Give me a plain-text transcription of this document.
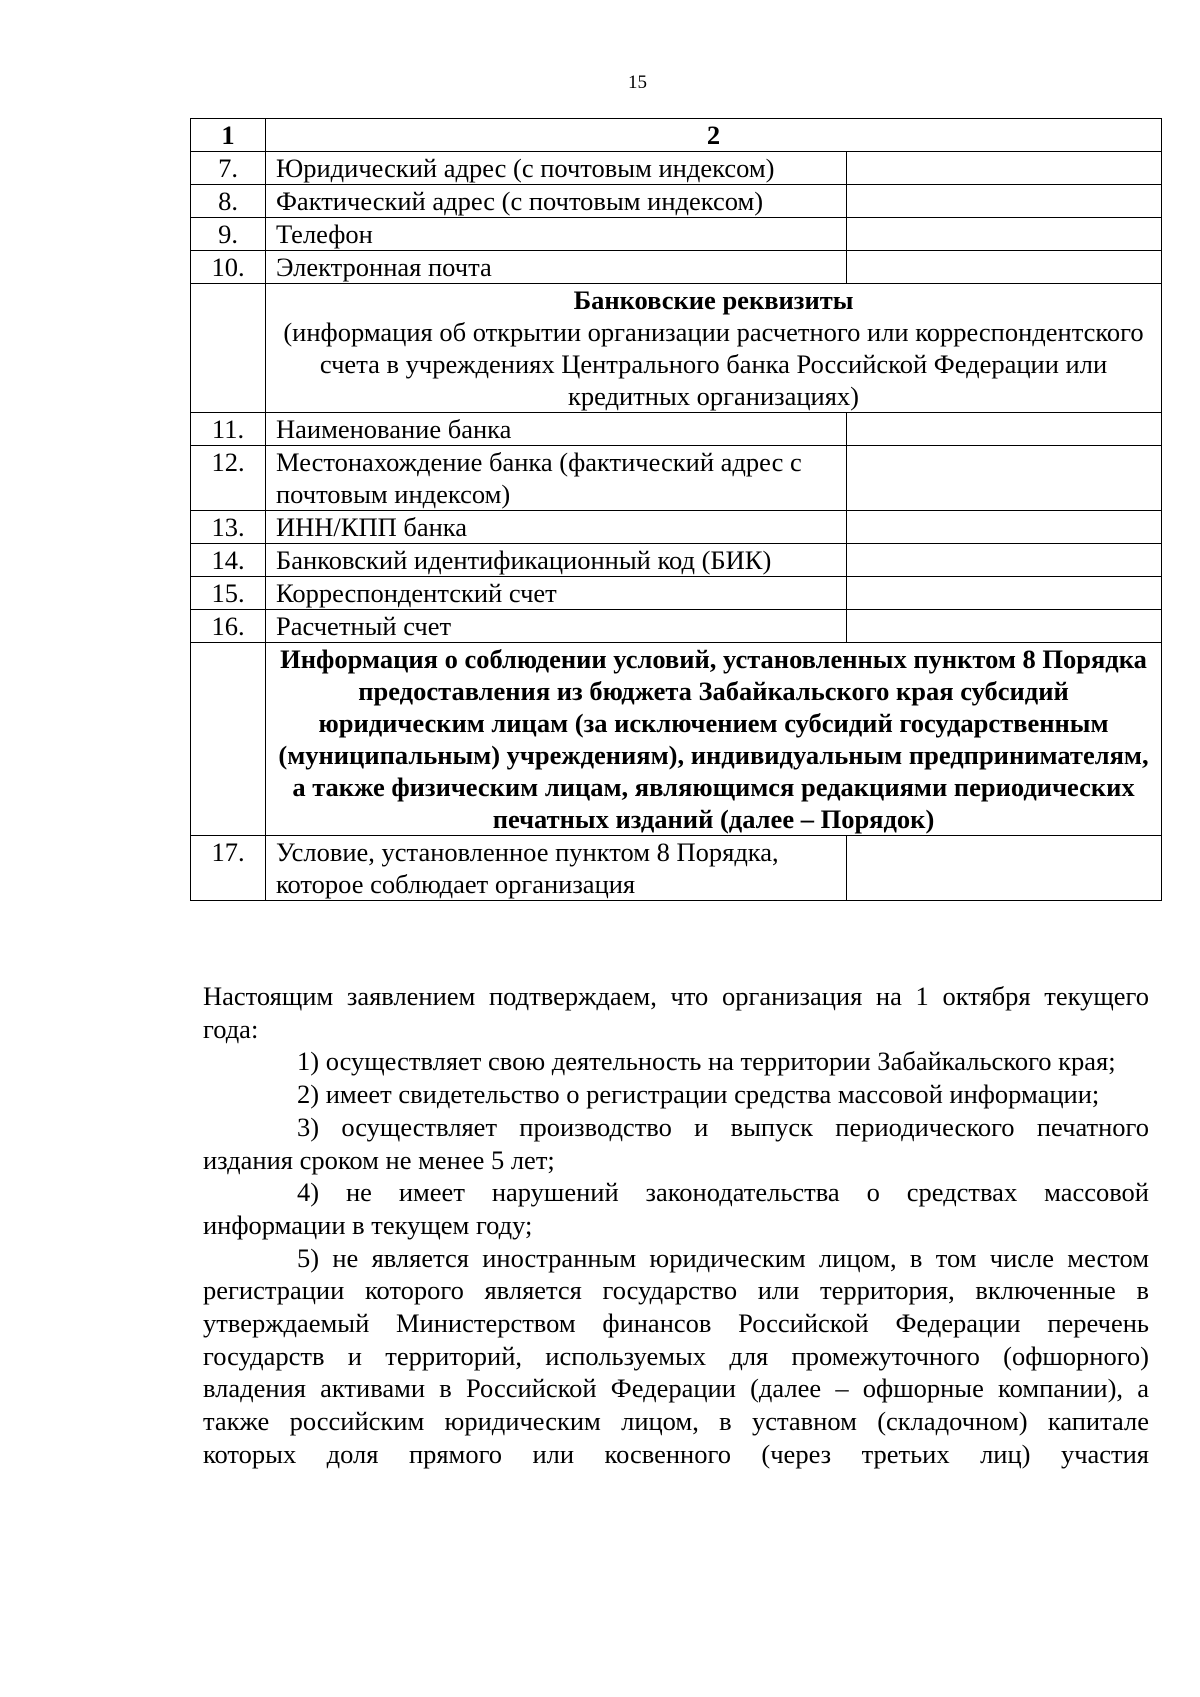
15
1	2	
7.	Юридический адрес (с почтовым индексом)	
8.	Фактический адрес (с почтовым индексом)	
9.	Телефон	
10.	Электронная почта	

	Банковские реквизиты
(информация об открытии организации расчетного или корреспондентского счета в учреждениях Центрального банка Российской Федерации или кредитных организациях)	
11.	Наименование банка	
12.	Местонахождение банка (фактический адрес с почтовым индексом)	
13.	ИНН/КПП банка	
14.	Банковский идентификационный код (БИК)	
15.	Корреспондентский счет	
16.	Расчетный счет	
	Информация о соблюдении условий, установленных пунктом 8 Порядка предоставления из бюджета Забайкальского края субсидий юридическим лицам (за исключением субсидий государственным (муниципальным) учреждениям), индивидуальным предпринимателям, а также физическим лицам, являющимся редакциями периодических печатных изданий (далее – Порядок)	
17.	Условие, установленное пунктом 8 Порядка, которое соблюдает организация	

Настоящим заявлением подтверждаем, что организация на 1 октября текущего года:

1) осуществляет свою деятельность на территории Забайкальского края;

2) имеет свидетельство о регистрации средства массовой информации;

3) осуществляет производство и выпуск периодического печатного издания сроком не менее 5 лет;

4) не имеет нарушений законодательства о средствах массовой информации в текущем году;

5) не является иностранным юридическим лицом, в том числе местом регистрации которого является государство или территория, включенные в утверждаемый Министерством финансов Российской Федерации перечень государств и территорий, используемых для промежуточного (офшорного) владения активами в Российской Федерации (далее – офшорные компании), а также российским юридическим лицом, в уставном (складочном) капитале которых доля прямого или косвенного (через третьих лиц) участия
